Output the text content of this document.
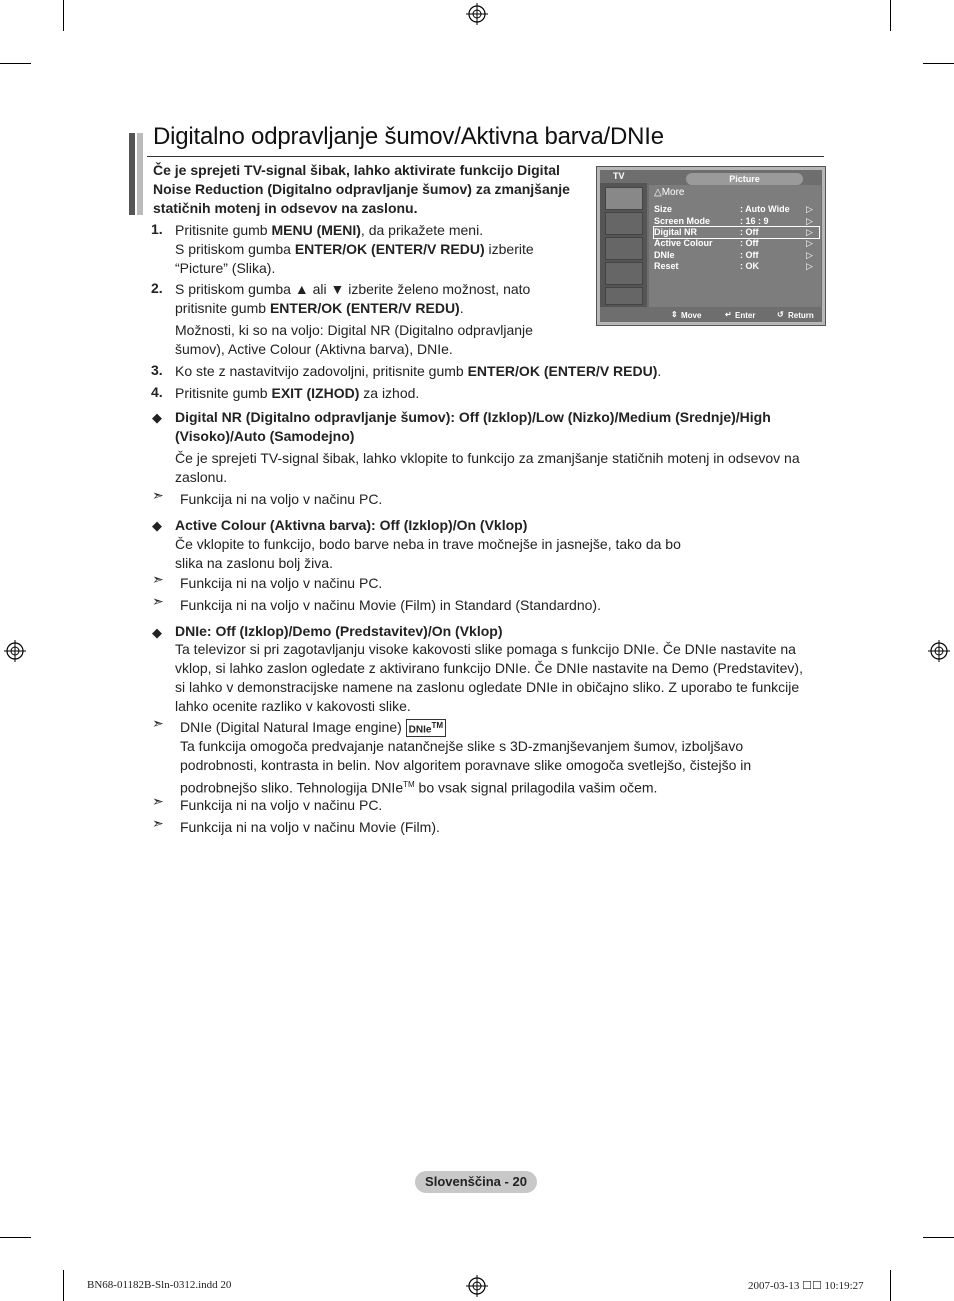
Digitalno odpravljanje šumov/Aktivna barva/DNIe
Če je sprejeti TV-signal šibak, lahko aktivirate funkcijo Digital
Noise Reduction (Digitalno odpravljanje šumov) za zmanjšanje
statičnih motenj in odsevov na zaslonu.
1. Pritisnite gumb MENU (MENI), da prikažete meni.
S pritiskom gumba ENTER/OK (ENTER/V REDU) izberite
“Picture” (Slika).
2. S pritiskom gumba ▲ ali ▼ izberite želeno možnost, nato
pritisnite gumb ENTER/OK (ENTER/V REDU).
Možnosti, ki so na voljo: Digital NR (Digitalno odpravljanje
šumov), Active Colour (Aktivna barva), DNIe.
3. Ko ste z nastavitvijo zadovoljni, pritisnite gumb ENTER/OK (ENTER/V REDU).
4. Pritisnite gumb EXIT (IZHOD) za izhod.
◆ Digital NR (Digitalno odpravljanje šumov): Off (Izklop)/Low (Nizko)/Medium (Srednje)/High
(Visoko)/Auto (Samodejno)
Če je sprejeti TV-signal šibak, lahko vklopite to funkcijo za zmanjšanje statičnih motenj in odsevov na
zaslonu.
➣ Funkcija ni na voljo v načinu PC.
◆ Active Colour (Aktivna barva): Off (Izklop)/On (Vklop)
Če vklopite to funkcijo, bodo barve neba in trave močnejše in jasnejše, tako da bo
slika na zaslonu bolj živa.
➣ Funkcija ni na voljo v načinu PC.
➣ Funkcija ni na voljo v načinu Movie (Film) in Standard (Standardno).
◆ DNIe: Off (Izklop)/Demo (Predstavitev)/On (Vklop)
Ta televizor si pri zagotavljanju visoke kakovosti slike pomaga s funkcijo DNIe. Če DNIe nastavite na
vklop, si lahko zaslon ogledate z aktivirano funkcijo DNIe. Če DNIe nastavite na Demo (Predstavitev),
si lahko v demonstracijske namene na zaslonu ogledate DNIe in običajno sliko. Z uporabo te funkcije
lahko ocenite razliko v kakovosti slike.
➣ DNIe (Digital Natural Image engine) DNIe™
Ta funkcija omogoča predvajanje natančnejše slike s 3D-zmanjševanjem šumov, izboljšavo
podrobnosti, kontrasta in belin. Nov algoritem poravnave slike omogoča svetlejšo, čistejšo in
podrobnejšo sliko. Tehnologija DNIe™ bo vsak signal prilagodila vašim očem.
➣ Funkcija ni na voljo v načinu PC.
➣ Funkcija ni na voljo v načinu Movie (Film).
TV	Picture
△More
Size	: Auto Wide ▷
Screen Mode	: 16 : 9	▷
Digital NR	: Off	▷
Active Colour	: Off	▷
DNIe	: Off	▷
Reset	: OK	▷
⇕ Move	↵ Enter	↺ Return
Slovenščina - 20
BN68-01182B-Sln-0312.indd 20	2007-03-13 ☐☐ 10:19:27
